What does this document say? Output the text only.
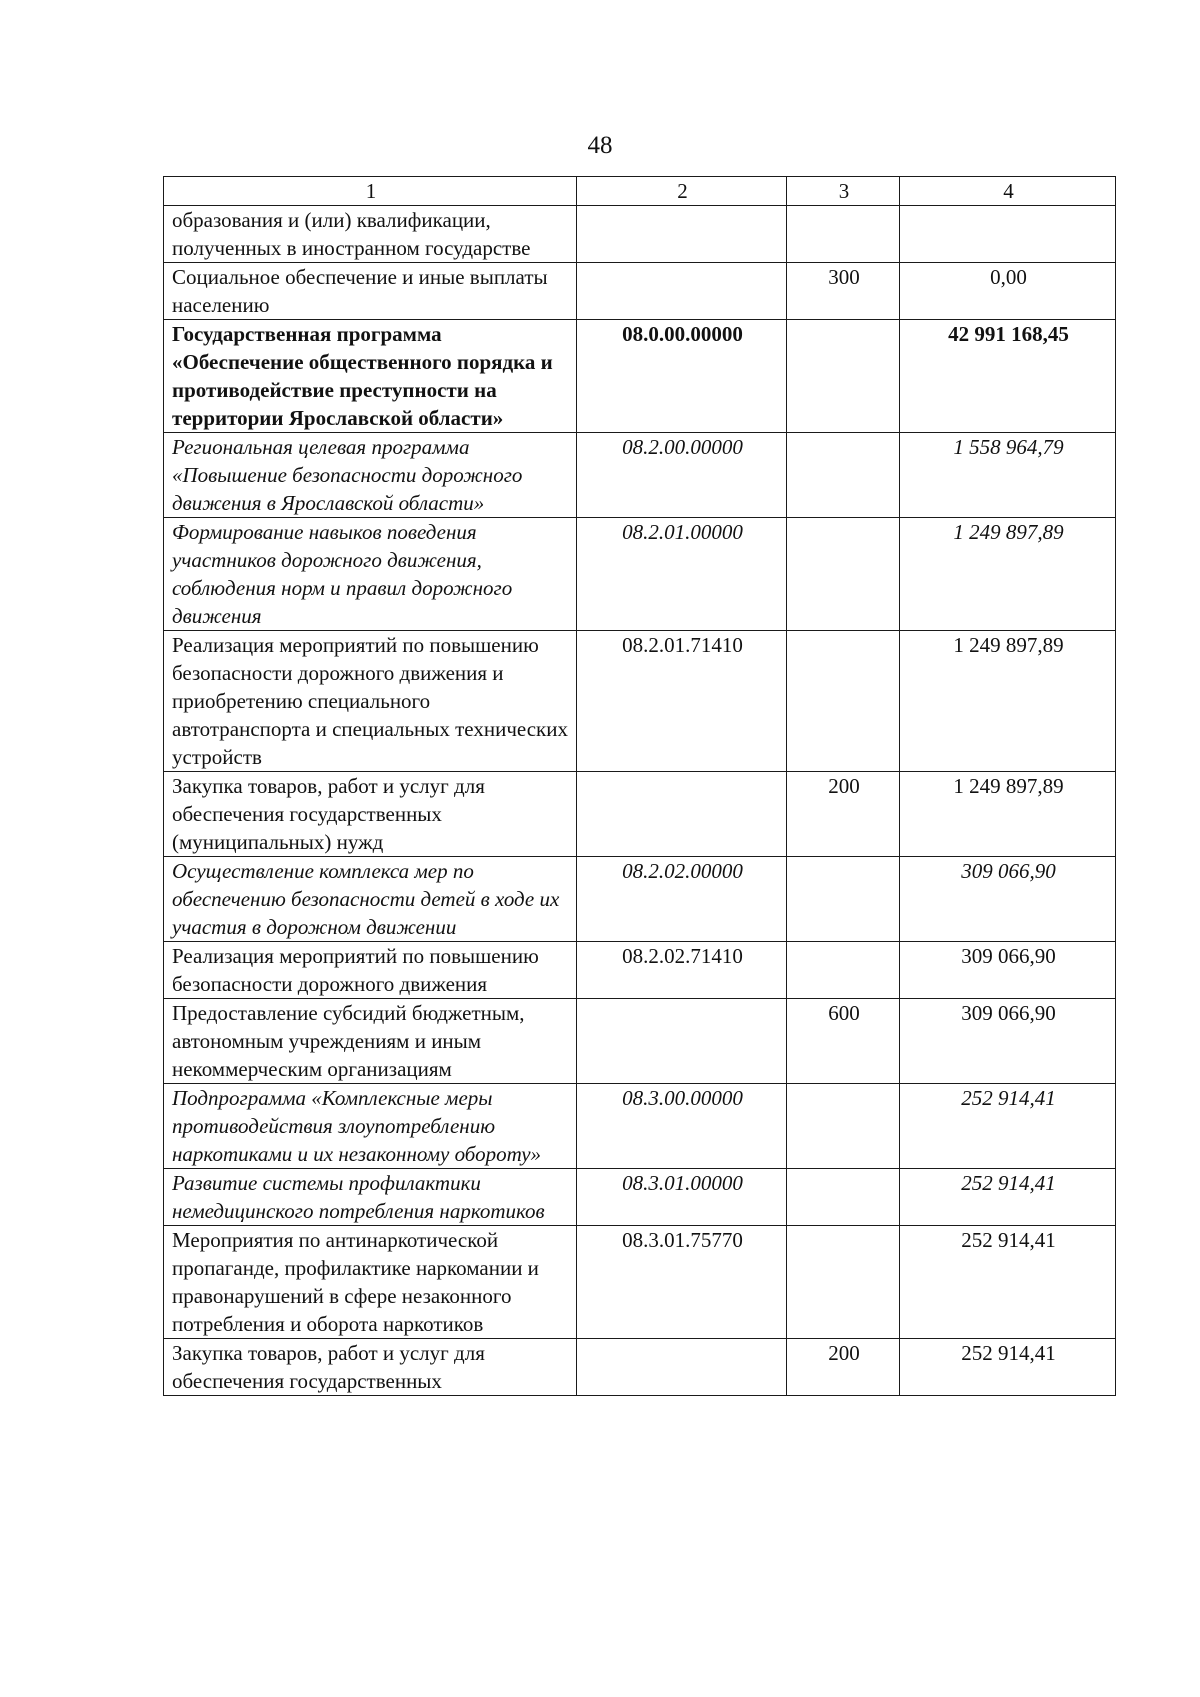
48
1	2	3	4
образования и (или) квалификации, полученных в иностранном государстве			
Социальное обеспечение и иные выплаты населению		300	0,00
Государственная программа «Обеспечение общественного порядка и противодействие преступности на территории Ярославской области»	08.0.00.00000		42 991 168,45
Региональная целевая программа «Повышение безопасности дорожного движения в Ярославской области»	08.2.00.00000		1 558 964,79
Формирование навыков поведения участников дорожного движения, соблюдения норм и правил дорожного движения	08.2.01.00000		1 249 897,89
Реализация мероприятий по повышению безопасности дорожного движения и приобретению специального автотранспорта и специальных технических устройств	08.2.01.71410		1 249 897,89
Закупка товаров, работ и услуг для обеспечения государственных (муниципальных) нужд		200	1 249 897,89
Осуществление комплекса мер по обеспечению безопасности детей в ходе их участия в дорожном движении	08.2.02.00000		309 066,90
Реализация мероприятий по повышению безопасности дорожного движения	08.2.02.71410		309 066,90
Предоставление субсидий бюджетным, автономным учреждениям и иным некоммерческим организациям		600	309 066,90
Подпрограмма «Комплексные меры противодействия злоупотреблению наркотиками и их незаконному обороту»	08.3.00.00000		252 914,41
Развитие системы профилактики немедицинского потребления наркотиков	08.3.01.00000		252 914,41
Мероприятия по антинаркотической пропаганде, профилактике наркомании и правонарушений в сфере незаконного потребления и оборота наркотиков	08.3.01.75770		252 914,41
Закупка товаров, работ и услуг для обеспечения государственных		200	252 914,41
